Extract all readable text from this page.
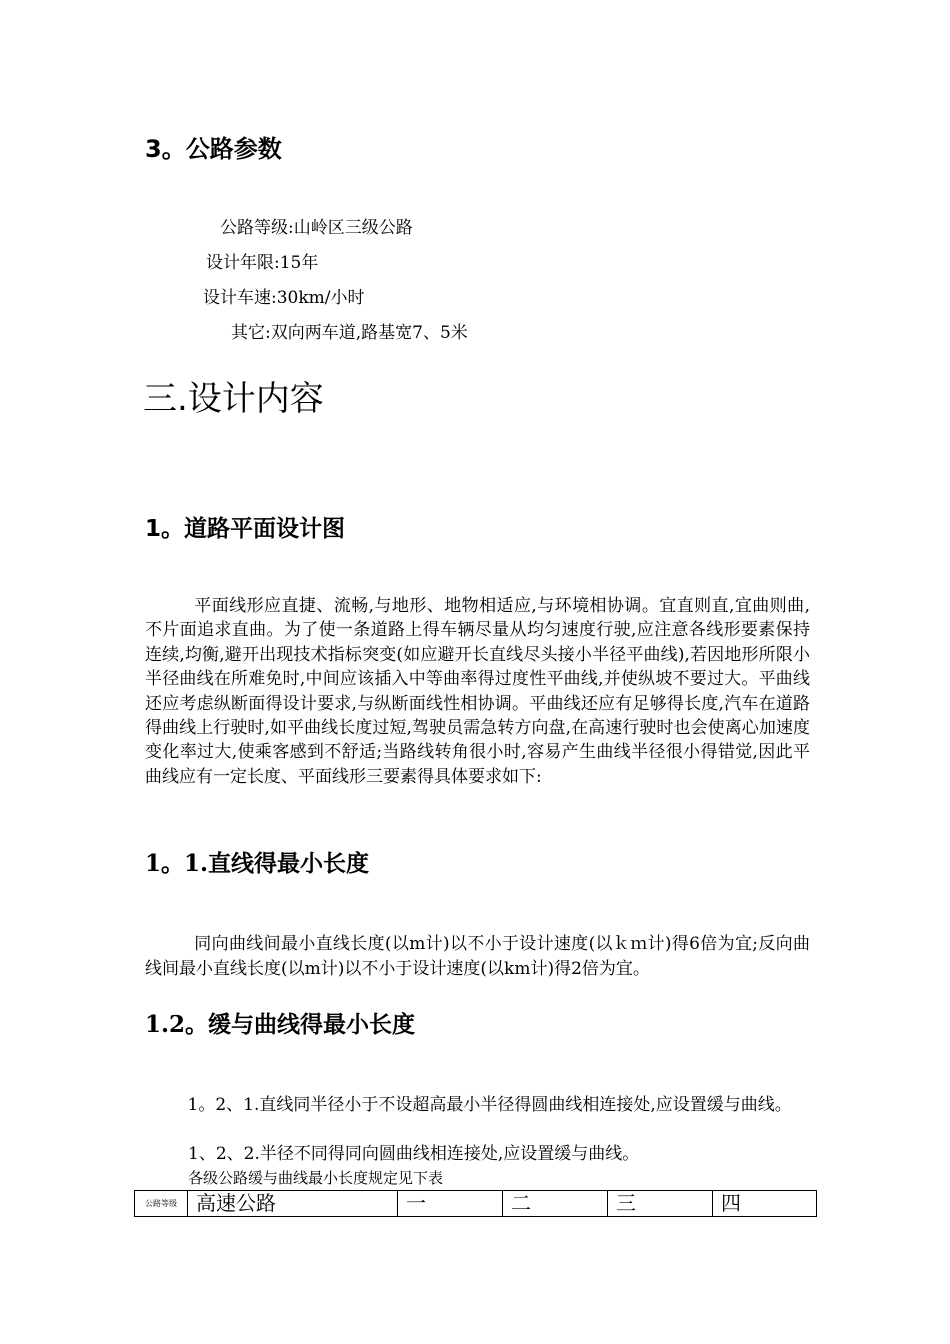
3。公路参数
公路等级:山岭区三级公路
设计年限:15年
设计车速:30km/小时
其它:双向两车道,路基宽7、5米
三.设计内容
1。道路平面设计图
平面线形应直捷、流畅,与地形、地物相适应,与环境相协调。宜直则直,宜曲则曲,不片面追求直曲。为了使一条道路上得车辆尽量从均匀速度行驶,应注意各线形要素保持连续,均衡,避开出现技术指标突变(如应避开长直线尽头接小半径平曲线),若因地形所限小半径曲线在所难免时,中间应该插入中等曲率得过度性平曲线,并使纵坡不要过大。平曲线还应考虑纵断面得设计要求,与纵断面线性相协调。平曲线还应有足够得长度,汽车在道路得曲线上行驶时,如平曲线长度过短,驾驶员需急转方向盘,在高速行驶时也会使离心加速度变化率过大,使乘客感到不舒适;当路线转角很小时,容易产生曲线半径很小得错觉,因此平曲线应有一定长度、平面线形三要素得具体要求如下:
1。1.直线得最小长度
同向曲线间最小直线长度(以m计)以不小于设计速度(以ｋｍ计)得6倍为宜;反向曲线间最小直线长度(以m计)以不小于设计速度(以km计)得2倍为宜。
1.2。缓与曲线得最小长度
1。2、1.直线同半径小于不设超高最小半径得圆曲线相连接处,应设置缓与曲线。
1、2、2.半径不同得同向圆曲线相连接处,应设置缓与曲线。
各级公路缓与曲线最小长度规定见下表
公路等级	高速公路	一	二	三	四
